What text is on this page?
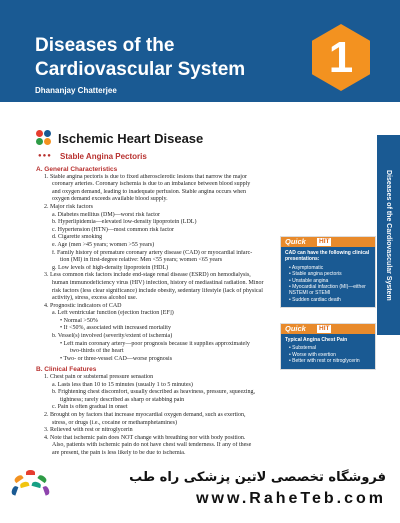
Diseases of the
Cardiovascular System
Dhananjay Chatterjee
1
Diseases of the Cardiovascular System
Ischemic Heart Disease
●●● Stable Angina Pectoris
A. General Characteristics
1. Stable angina pectoris is due to fixed atherosclerotic lesions that narrow the major
coronary arteries. Coronary ischemia is due to an imbalance between blood supply
and oxygen demand, leading to inadequate perfusion. Stable angina occurs when
oxygen demand exceeds available blood supply.
2. Major risk factors
a. Diabetes mellitus (DM)—worst risk factor
b. Hyperlipidemia—elevated low-density lipoprotein (LDL)
c. Hypertension (HTN)—most common risk factor
d. Cigarette smoking
e. Age (men >45 years; women >55 years)
f. Family history of premature coronary artery disease (CAD) or myocardial infarc-
tion (MI) in first-degree relative: Men <55 years; women <65 years
g. Low levels of high-density lipoprotein (HDL)
3. Less common risk factors include end-stage renal disease (ESRD) on hemodialysis,
human immunodeficiency virus (HIV) infection, history of mediastinal radiation. Minor
risk factors (less clear significance) include obesity, sedentary lifestyle (lack of physical
activity), stress, excess alcohol use.
4. Prognostic indicators of CAD
a. Left ventricular function (ejection fraction [EF])
• Normal >50%
• If <50%, associated with increased mortality
b. Vessel(s) involved (severity/extent of ischemia)
• Left main coronary artery—poor prognosis because it supplies approximately
two-thirds of the heart
• Two- or three-vessel CAD—worse prognosis
B. Clinical Features
1. Chest pain or substernal pressure sensation
a. Lasts less than 10 to 15 minutes (usually 1 to 5 minutes)
b. Frightening chest discomfort, usually described as heaviness, pressure, squeezing,
tightness; rarely described as sharp or stabbing pain
c. Pain is often gradual in onset
2. Brought on by factors that increase myocardial oxygen demand, such as exertion,
stress, or drugs (i.e., cocaine or methamphetamines)
3. Relieved with rest or nitroglycerin
4. Note that ischemic pain does NOT change with breathing nor with body position.
Also, patients with ischemic pain do not have chest wall tenderness. If any of these
are present, the pain is less likely to be due to ischemia.
Quick	HIT
CAD can have the following clinical presentations:
• Asymptomatic
• Stable angina pectoris
• Unstable angina
• Myocardial infarction (MI)—either NSTEMI or STEMI
• Sudden cardiac death
Quick	HIT
Typical Angina Chest Pain
• Substernal
• Worse with exertion
• Better with rest or nitroglycerin
فروشگاه تخصصی لاتین پزشکی راه طب
www.RaheTeb.com
